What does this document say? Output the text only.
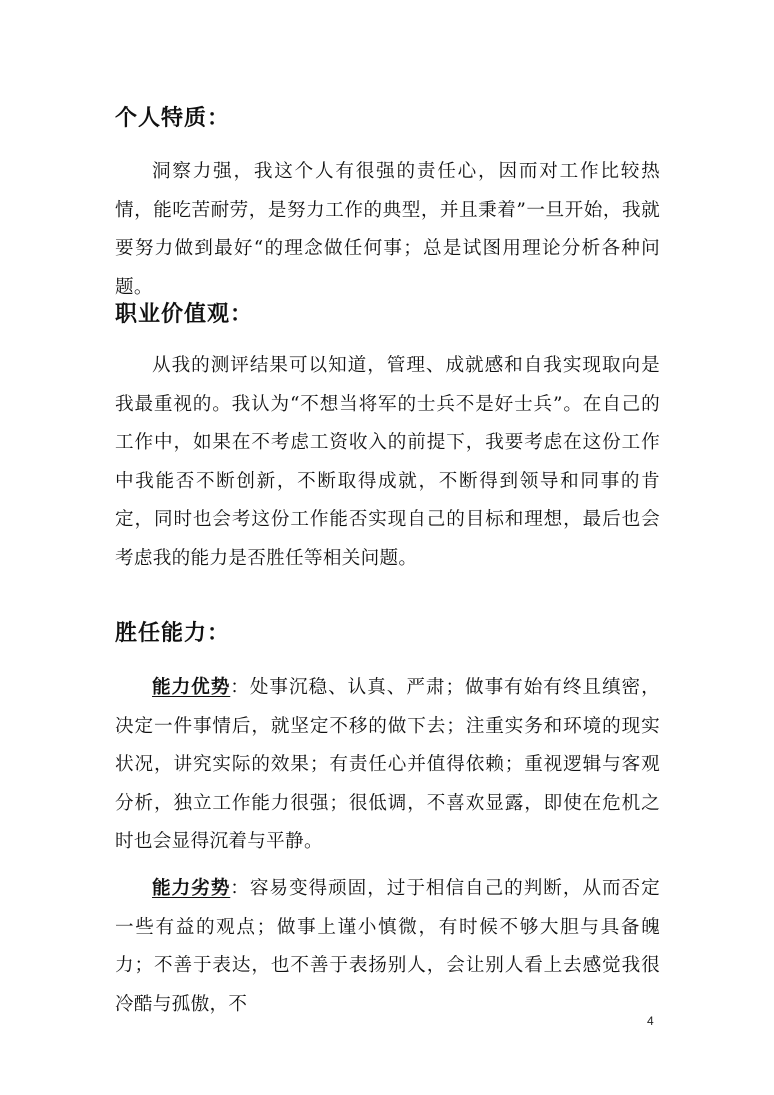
个人特质：

洞察力强，我这个人有很强的责任心，因而对工作比较热情，能吃苦耐劳，是努力工作的典型，并且秉着”一旦开始，我就要努力做到最好“的理念做任何事；总是试图用理论分析各种问题。

职业价值观：

从我的测评结果可以知道，管理、成就感和自我实现取向是我最重视的。我认为“不想当将军的士兵不是好士兵”。在自己的工作中，如果在不考虑工资收入的前提下，我要考虑在这份工作中我能否不断创新，不断取得成就，不断得到领导和同事的肯定，同时也会考这份工作能否实现自己的目标和理想，最后也会考虑我的能力是否胜任等相关问题。

胜任能力：

能力优势：处事沉稳、认真、严肃；做事有始有终且缜密，决定一件事情后，就坚定不移的做下去；注重实务和环境的现实状况，讲究实际的效果；有责任心并值得依赖；重视逻辑与客观分析，独立工作能力很强；很低调，不喜欢显露，即使在危机之时也会显得沉着与平静。

能力劣势：容易变得顽固，过于相信自己的判断，从而否定一些有益的观点；做事上谨小慎微，有时候不够大胆与具备魄力；不善于表达，也不善于表扬别人，会让别人看上去感觉我很冷酷与孤傲，不

4
